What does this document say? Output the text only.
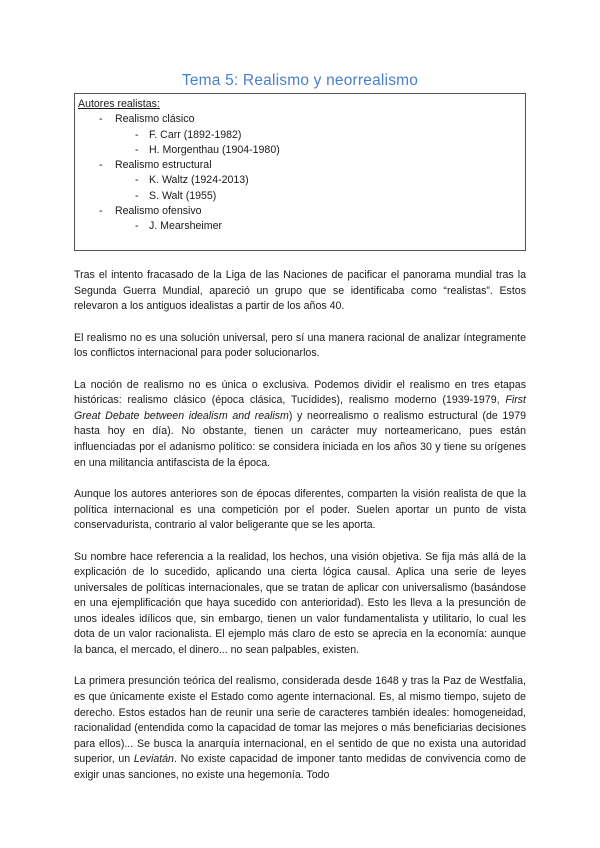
Tema 5: Realismo y neorrealismo
Autores realistas:
- Realismo clásico
- F. Carr (1892-1982)
- H. Morgenthau (1904-1980)
- Realismo estructural
- K. Waltz (1924-2013)
- S. Walt (1955)
- Realismo ofensivo
- J. Mearsheimer

Tras el intento fracasado de la Liga de las Naciones de pacificar el panorama mundial tras la Segunda Guerra Mundial, apareció un grupo que se identificaba como “realistas”. Estos relevaron a los antiguos idealistas a partir de los años 40.

El realismo no es una solución universal, pero sí una manera racional de analizar íntegramente los conflictos internacional para poder solucionarlos.

La noción de realismo no es única o exclusiva. Podemos dividir el realismo en tres etapas históricas: realismo clásico (época clásica, Tucídides), realismo moderno (1939-1979, First Great Debate between idealism and realism) y neorrealismo o realismo estructural (de 1979 hasta hoy en día). No obstante, tienen un carácter muy norteamericano, pues están influenciadas por el adanismo político: se considera iniciada en los años 30 y tiene su orígenes en una militancia antifascista de la época.

Aunque los autores anteriores son de épocas diferentes, comparten la visión realista de que la política internacional es una competición por el poder. Suelen aportar un punto de vista conservadurista, contrario al valor beligerante que se les aporta.

Su nombre hace referencia a la realidad, los hechos, una visión objetiva. Se fija más allá de la explicación de lo sucedido, aplicando una cierta lógica causal. Aplica una serie de leyes universales de políticas internacionales, que se tratan de aplicar con universalismo (basándose en una ejemplificación que haya sucedido con anterioridad). Esto les lleva a la presunción de unos ideales idílicos que, sin embargo, tienen un valor fundamentalista y utilitario, lo cual les dota de un valor racionalista. El ejemplo más claro de esto se aprecia en la economía: aunque la banca, el mercado, el dinero... no sean palpables, existen.

La primera presunción teórica del realismo, considerada desde 1648 y tras la Paz de Westfalia, es que únicamente existe el Estado como agente internacional. Es, al mismo tiempo, sujeto de derecho. Estos estados han de reunir una serie de caracteres también ideales: homogeneidad, racionalidad (entendida como la capacidad de tomar las mejores o más beneficiarias decisiones para ellos)... Se busca la anarquía internacional, en el sentido de que no exista una autoridad superior, un Leviatán. No existe capacidad de imponer tanto medidas de convivencia como de exigir unas sanciones, no existe una hegemonía. Todo
